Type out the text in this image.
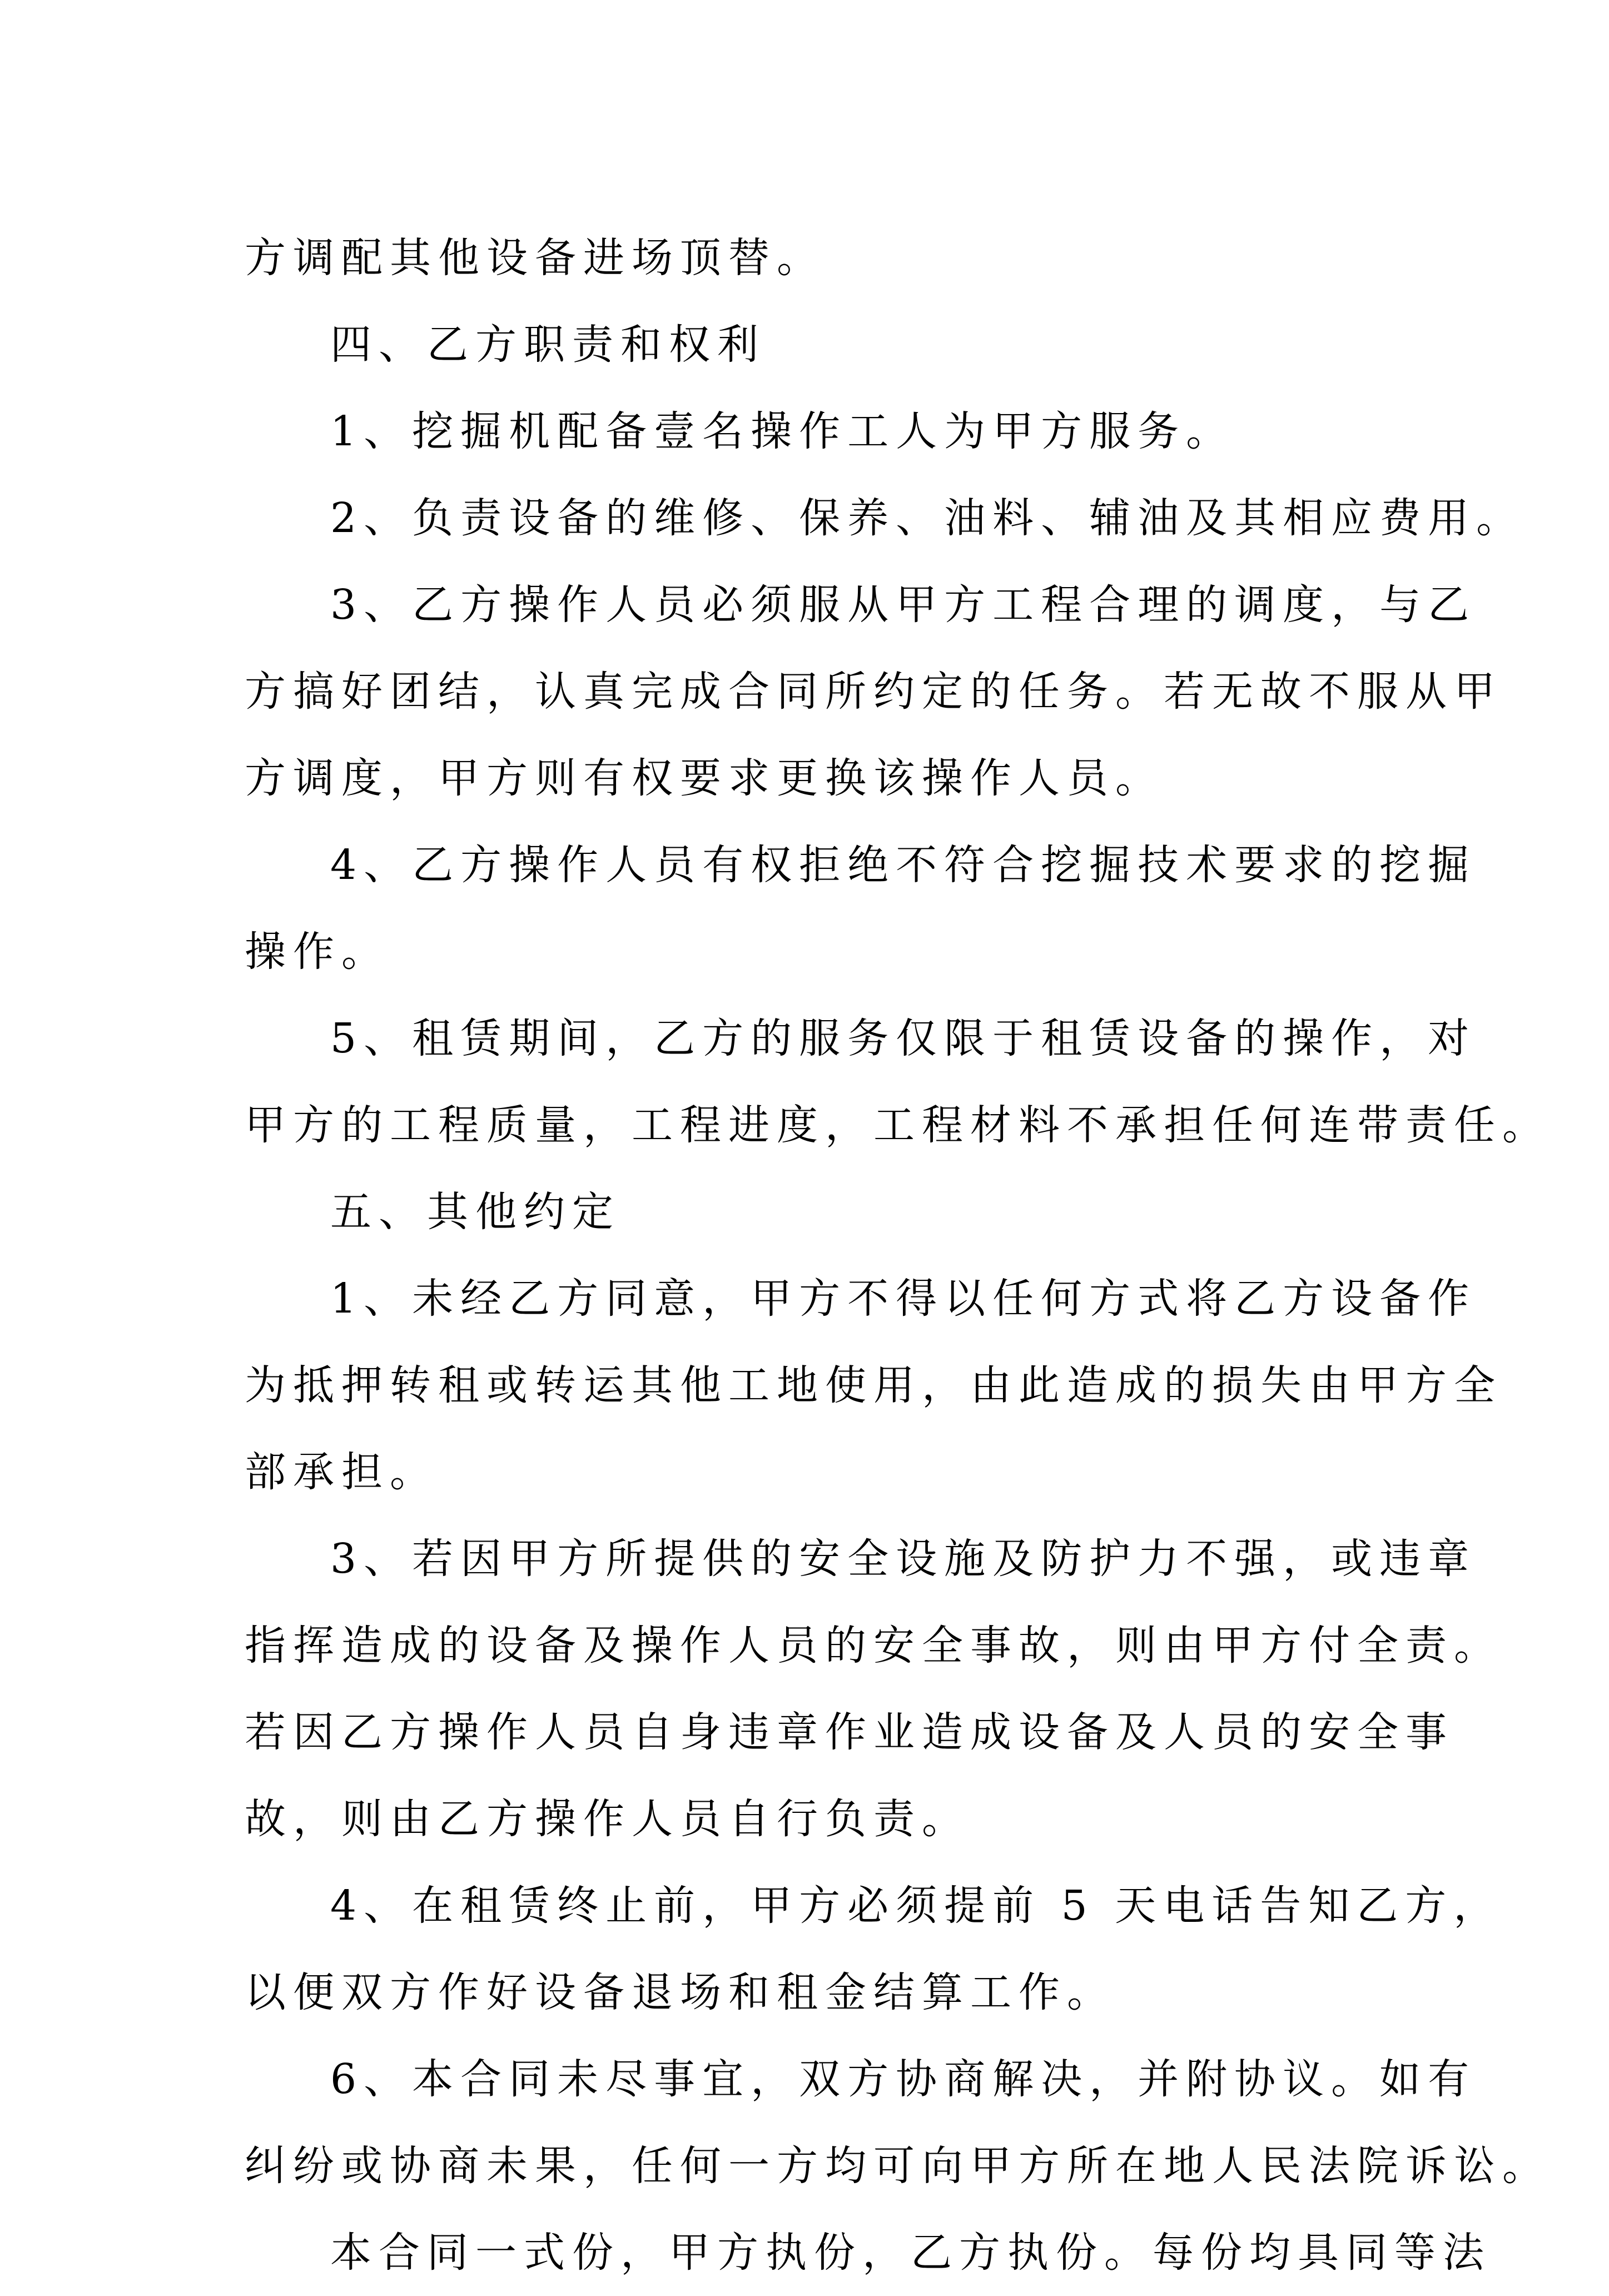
方调配其他设备进场顶替。
四、乙方职责和权利
1、挖掘机配备壹名操作工人为甲方服务。
2、负责设备的维修、保养、油料、辅油及其相应费用。
3、乙方操作人员必须服从甲方工程合理的调度，与乙
方搞好团结，认真完成合同所约定的任务。若无故不服从甲
方调度，甲方则有权要求更换该操作人员。
4、乙方操作人员有权拒绝不符合挖掘技术要求的挖掘
操作。
5、租赁期间，乙方的服务仅限于租赁设备的操作，对
甲方的工程质量，工程进度，工程材料不承担任何连带责任。
五、其他约定
1、未经乙方同意，甲方不得以任何方式将乙方设备作
为抵押转租或转运其他工地使用，由此造成的损失由甲方全
部承担。
3、若因甲方所提供的安全设施及防护力不强，或违章
指挥造成的设备及操作人员的安全事故，则由甲方付全责。
若因乙方操作人员自身违章作业造成设备及人员的安全事
故，则由乙方操作人员自行负责。
4、在租赁终止前，甲方必须提前 5 天电话告知乙方，
以便双方作好设备退场和租金结算工作。
6、本合同未尽事宜，双方协商解决，并附协议。如有
纠纷或协商未果，任何一方均可向甲方所在地人民法院诉讼。
本合同一式份，甲方执份，乙方执份。每份均具同等法
